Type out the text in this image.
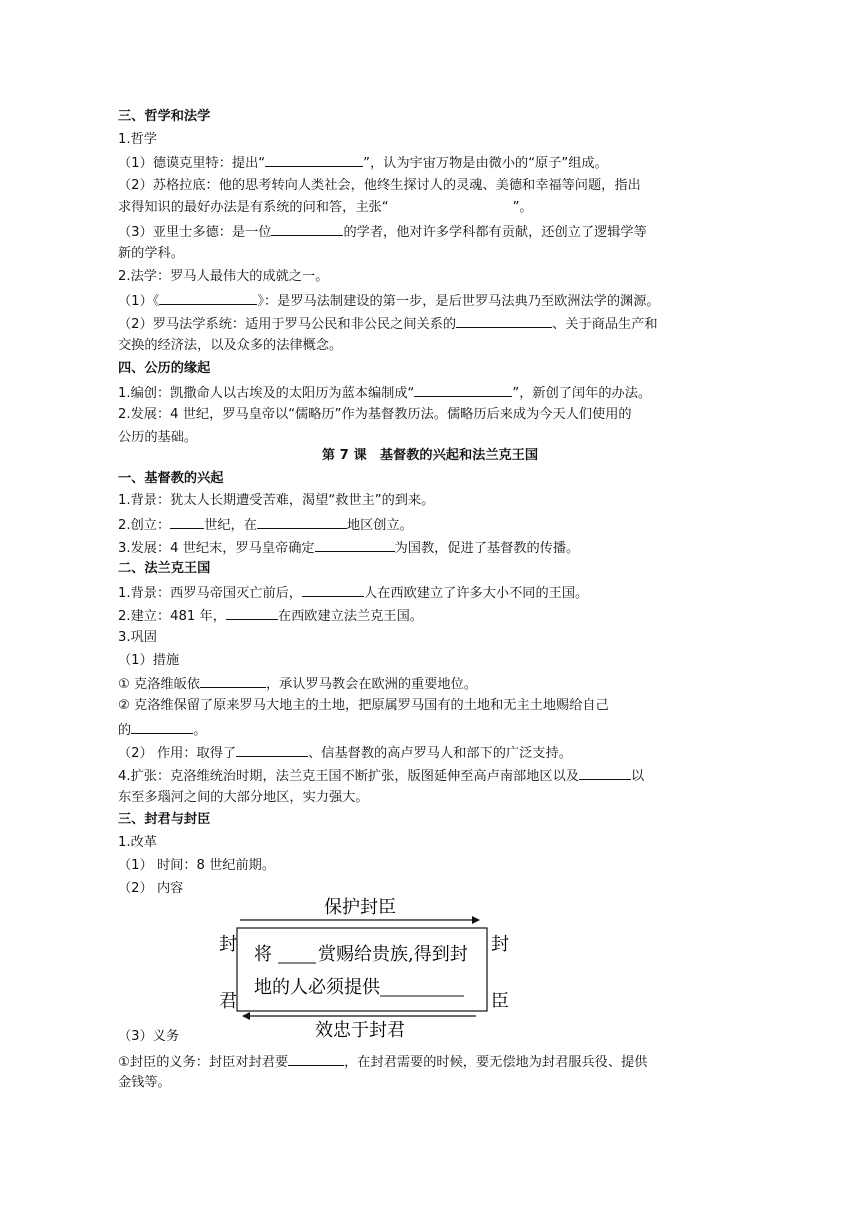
三、哲学和法学
1.哲学
（1）德谟克里特：提出“	”，认为宇宙万物是由微小的“原子”组成。
（2）苏格拉底：他的思考转向人类社会，他终生探讨人的灵魂、美德和幸福等问题，指出
求得知识的最好办法是有系统的问和答，主张“	”。
（3）亚里士多德：是一位	的学者，他对许多学科都有贡献，还创立了逻辑学等
新的学科。
2.法学：罗马人最伟大的成就之一。
（1）《	》：是罗马法制建设的第一步，是后世罗马法典乃至欧洲法学的渊源。
（2）罗马法学系统：适用于罗马公民和非公民之间关系的	、关于商品生产和
交换的经济法，以及众多的法律概念。
四、公历的缘起
1.编创：凯撒命人以古埃及的太阳历为蓝本编制成“	”，新创了闰年的办法。
2.发展：4 世纪，罗马皇帝以“儒略历”作为基督教历法。儒略历后来成为今天人们使用的
公历的基础。
第 7 课　基督教的兴起和法兰克王国
一、基督教的兴起
1.背景：犹太人长期遭受苦难，渴望“救世主”的到来。
2.创立：	世纪，在	地区创立。
3.发展：4 世纪末，罗马皇帝确定	为国教，促进了基督教的传播。
二、法兰克王国
1.背景：西罗马帝国灭亡前后，	人在西欧建立了许多大小不同的王国。
2.建立：481 年，	在西欧建立法兰克王国。
3.巩固
（1）措施
① 克洛维皈依	，承认罗马教会在欧洲的重要地位。
② 克洛维保留了原来罗马大地主的土地，把原属罗马国有的土地和无主土地赐给自己
的	。
（2） 作用：取得了	、信基督教的高卢罗马人和部下的广泛支持。
4.扩张：克洛维统治时期，法兰克王国不断扩张，版图延伸至高卢南部地区以及	以
东至多瑙河之间的大部分地区，实力强大。
三、封君与封臣
1.改革
（1） 时间：8 世纪前期。
（2） 内容
保护封臣
封
君
封
臣
将	赏赐给贵族,得到封
地的人必须提供
效忠于封君
（3）义务
①封臣的义务：封臣对封君要	，在封君需要的时候，要无偿地为封君服兵役、提供
金钱等。
